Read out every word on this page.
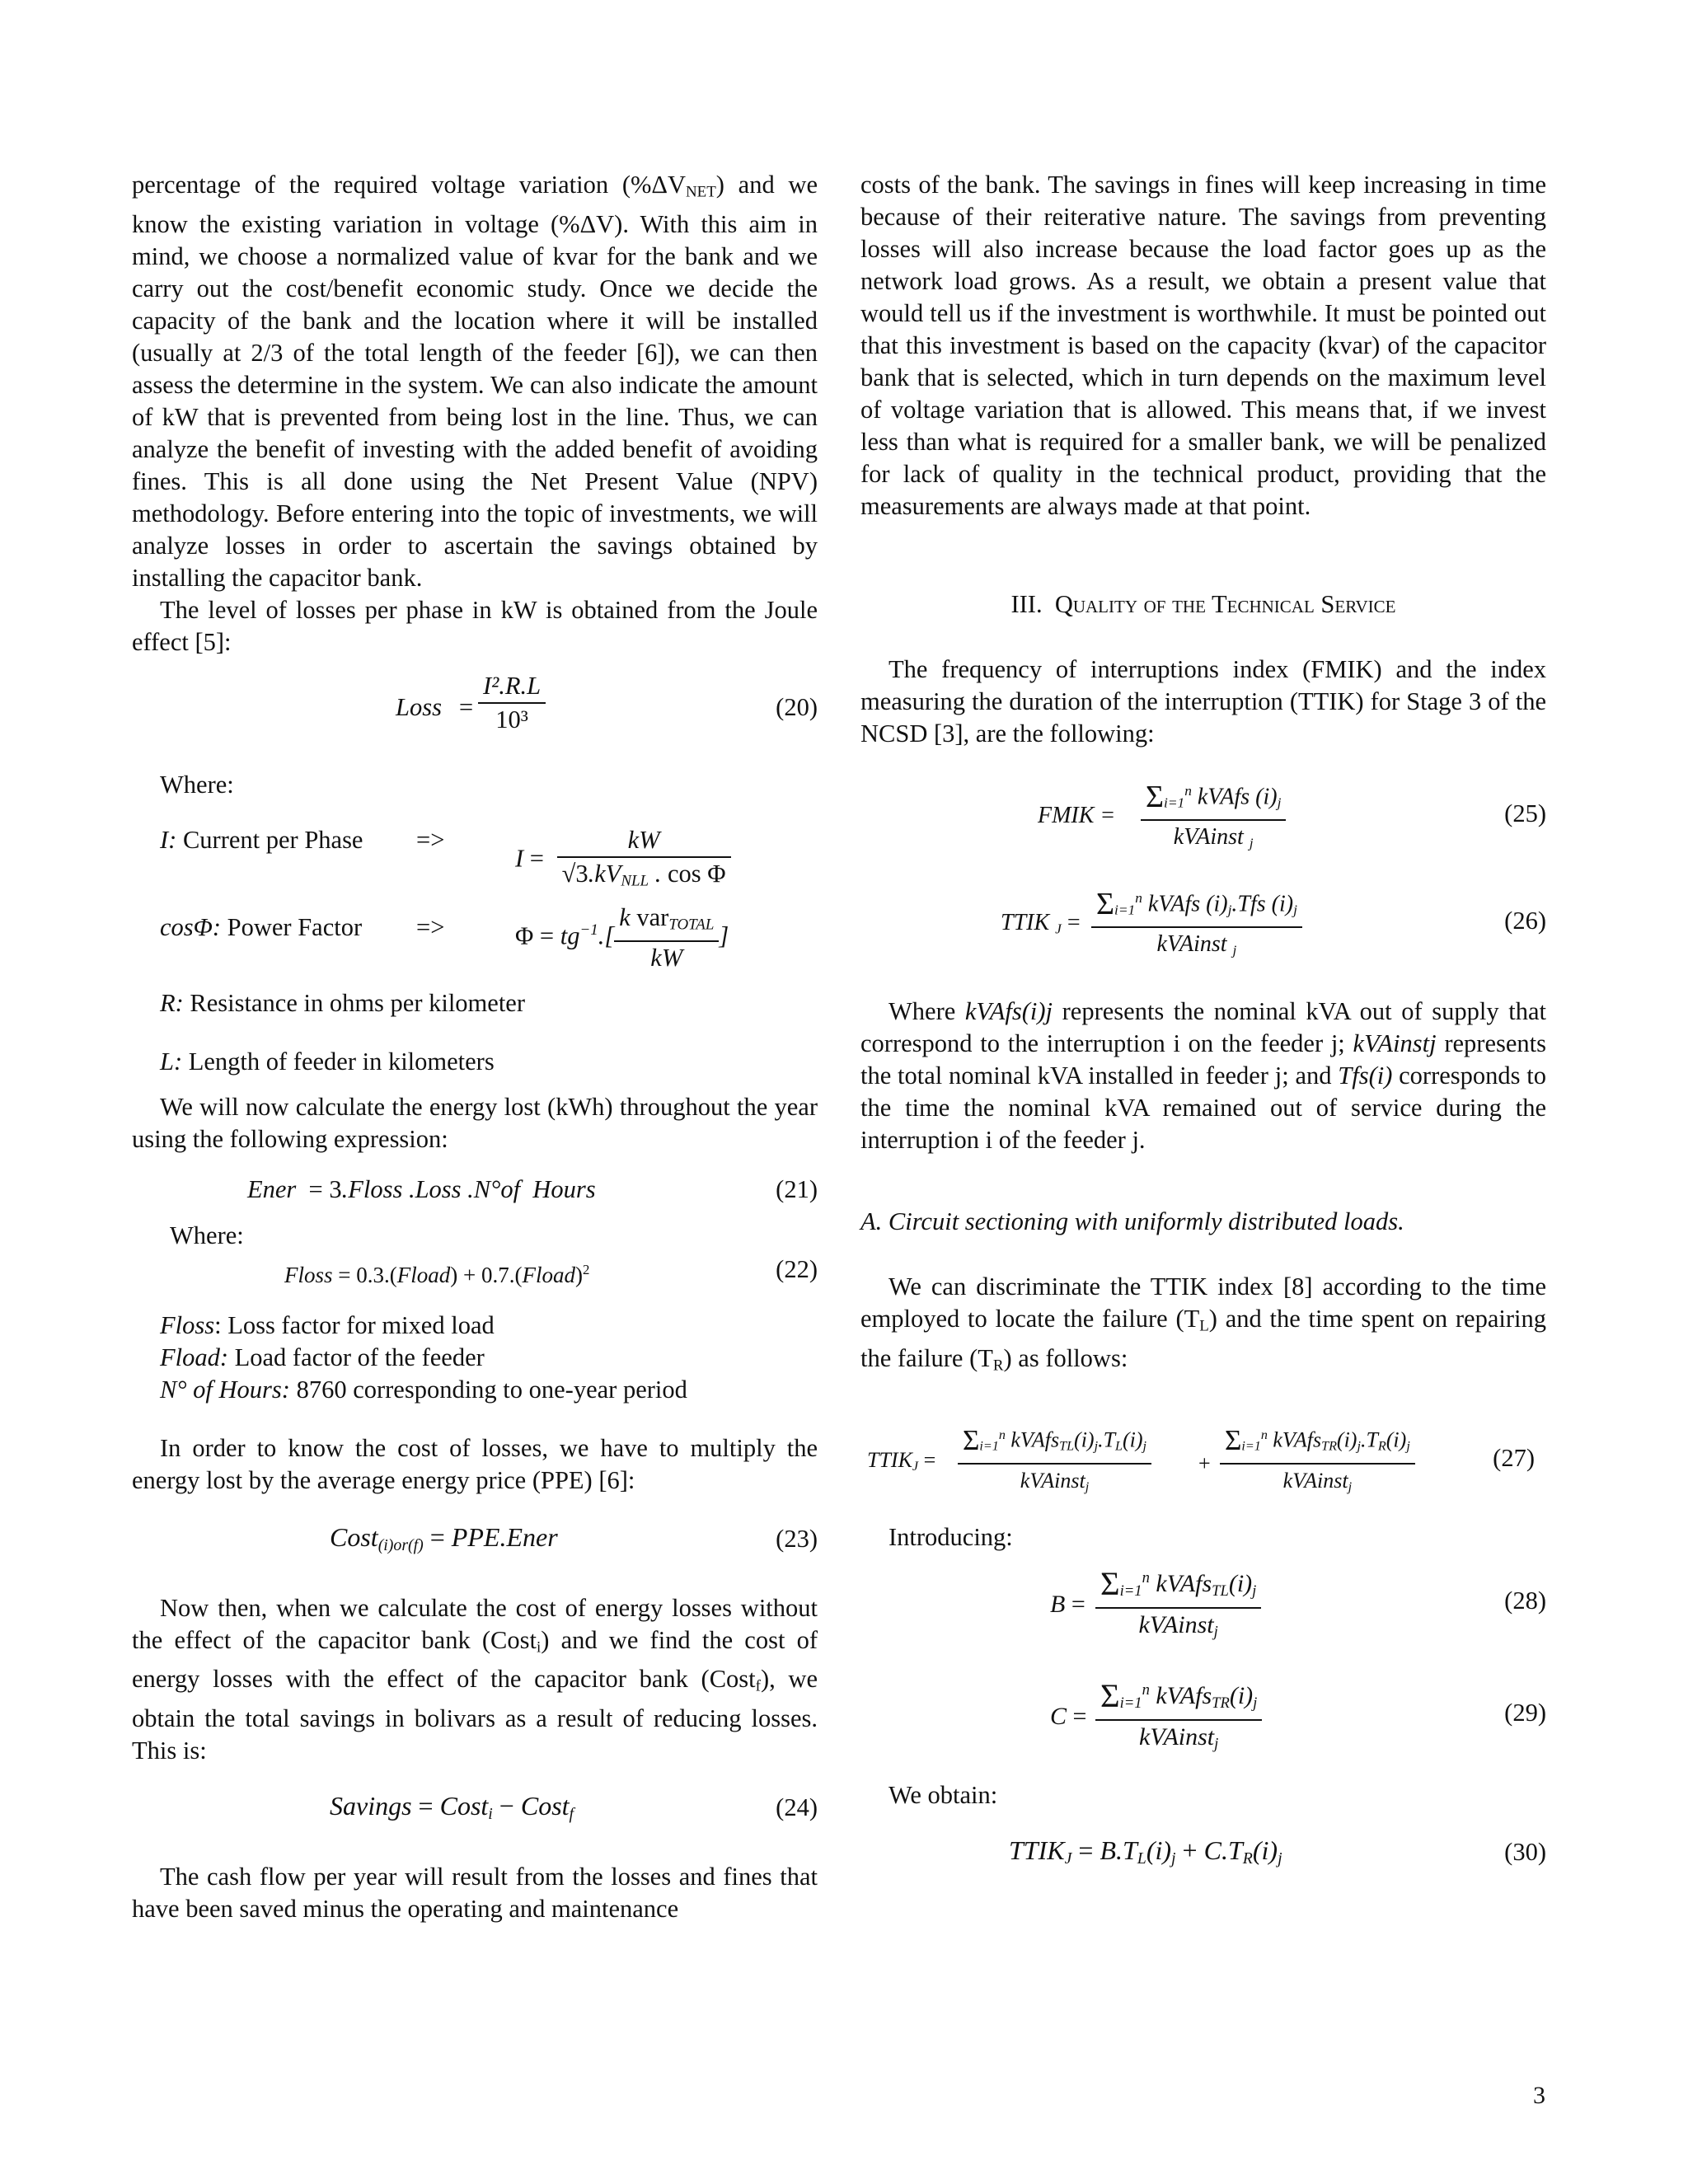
percentage of the required voltage variation $(\%\Delta V_{NET})$ and we know the existing variation in voltage (%ΔV). With this aim in mind, we choose a normalized value of kvar for the bank and we carry out the cost/benefit economic study. Once we decide the capacity of the bank and the location where it will be installed (usually at 2/3 of the total length of the feeder [6]), we can then assess the determine in the system. We can also indicate the amount of kW that is prevented from being lost in the line. Thus, we can analyze the benefit of investing with the added benefit of avoiding fines. This is all done using the Net Present Value (NPV) methodology. Before entering into the topic of investments, we will analyze losses in order to ascertain the savings obtained by installing the capacitor bank.

The level of losses per phase in kW is obtained from the Joule effect [5]:

Loss = $\frac{\text{I².R.L}}{\text{10³}}$	(20)

Where:

I: Current per Phase =>
$I = \frac{kW}{√3.kV_{NLL} . \cos \Phi}$
cosΦ: Power Factor =>	$\Phi = tg^{-1}.[ \frac{k var_{TOTAL}}{kW}$ ]

R: Resistance in ohms per kilometer

L: Length of feeder in kilometers

We will now calculate the energy lost (kWh) throughout the year using the following expression:

Ener  = 3.Floss .Loss .N°of  Hours	(21)

Where:

Floss = 0.3.(Fload) + 0.7.(Fload)$^2$	(22)

Floss: Loss factor for mixed load

Fload: Load factor of the feeder

N° of Hours: 8760 corresponding to one-year period

In order to know the cost of losses, we have to multiply the energy lost by the average energy price (PPE) [6]:

Cost$_{(i)or(f)}$ = PPE.Ener	(23)

Now then, when we calculate the cost of energy losses without the effect of the capacitor bank (Cost$_i$) and we find the cost of energy losses with the effect of the capacitor bank (Cost$_f$), we obtain the total savings in bolivars as a result of reducing losses. This is:

Savings = Cost$_i$ − Cost$_f$	(24)

The cash flow per year will result from the losses and fines that have been saved minus the operating and maintenance

costs of the bank. The savings in fines will keep increasing in time because of their reiterative nature. The savings from preventing losses will also increase because the load factor goes up as the network load grows. As a result, we obtain a present value that would tell us if the investment is worthwhile. It must be pointed out that this investment is based on the capacity (kvar) of the capacitor bank that is selected, which in turn depends on the maximum level of voltage variation that is allowed. This means that, if we invest less than what is required for a smaller bank, we will be penalized for lack of quality in the technical product, providing that the measurements are always made at that point.

III. Quality of the Technical Service

The frequency of interruptions index (FMIK) and the index measuring the duration of the interruption (TTIK) for Stage 3 of the NCSD [3], are the following:

FMIK =
$\Sigma_{i=1}^n$ kVAfs $(i)_j$
kVAinst $_j$
(25)
TTIK $_J$ =
$\Sigma_{i=1}^n$ kVAfs $(i)_j.Tfs$ $(i)_j$
kVAinst $_j$
(26)

Where kVAfs(i)j represents the nominal kVA out of supply that correspond to the interruption i on the feeder j; kVAinstj represents the total nominal kVA installed in feeder j; and Tfs(i) corresponds to the time the nominal kVA remained out of service during the interruption i of the feeder j.

A. Circuit sectioning with uniformly distributed loads.

We can discriminate the TTIK index [8] according to the time employed to locate the failure $(T_L)$ and the time spent on repairing the failure $(T_R)$ as follows:

$TTIK_J$ =
$\Sigma_{i=1}^n$ $kVAfs_{TL}(i)_j.T_L(i)_j$
kVAinst$_j$
+
$\Sigma_{i=1}^n$ $kVAfs_{TR}(i)_j.T_R(i)_j$
kVAinst$_j$
(27)

Introducing:

B =
$\Sigma_{i=1}^n$ $kVAfs_{TL}(i)_j$
kVAinst$_j$
(28)
C =
$\Sigma_{i=1}^n$ $kVAfs_{TR}(i)_j$
kVAinst$_j$
(29)

We obtain:

$TTIK_J = B.T_L(i)_j + C.T_R(i)_j$	(30)
3
